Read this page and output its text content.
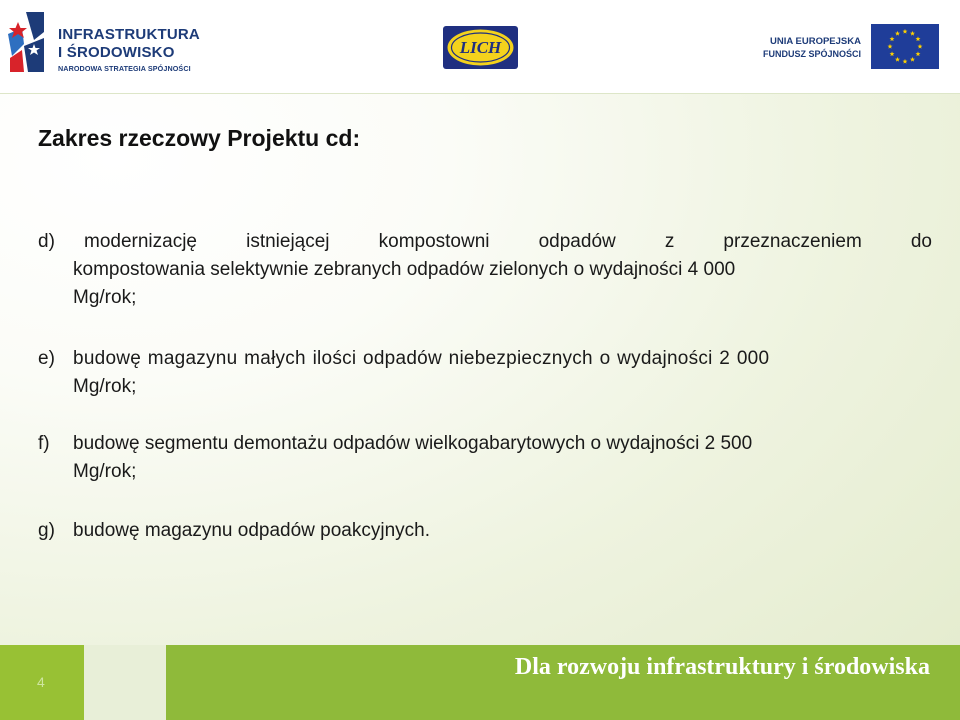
INFRASTRUKTURA
I ŚRODOWISKO
NARODOWA STRATEGIA SPÓJNOŚCI
LICH	UNIA EUROPEJSKA
FUNDUSZ SPÓJNOŚCI
Zakres rzeczowy Projektu cd:
d) modernizację	istniejącej	kompostowni	odpadów	z	przeznaczeniem	do
kompostowania selektywnie zebranych odpadów zielonych o wydajności 4 000
Mg/rok;
e) budowę magazynu małych ilości odpadów niebezpiecznych o wydajności 2 000
Mg/rok;
f)	budowę segmentu demontażu odpadów wielkogabarytowych o wydajności 2 500
Mg/rok;
g) budowę magazynu odpadów poakcyjnych.
4
Dla rozwoju infrastruktury i środowiska
